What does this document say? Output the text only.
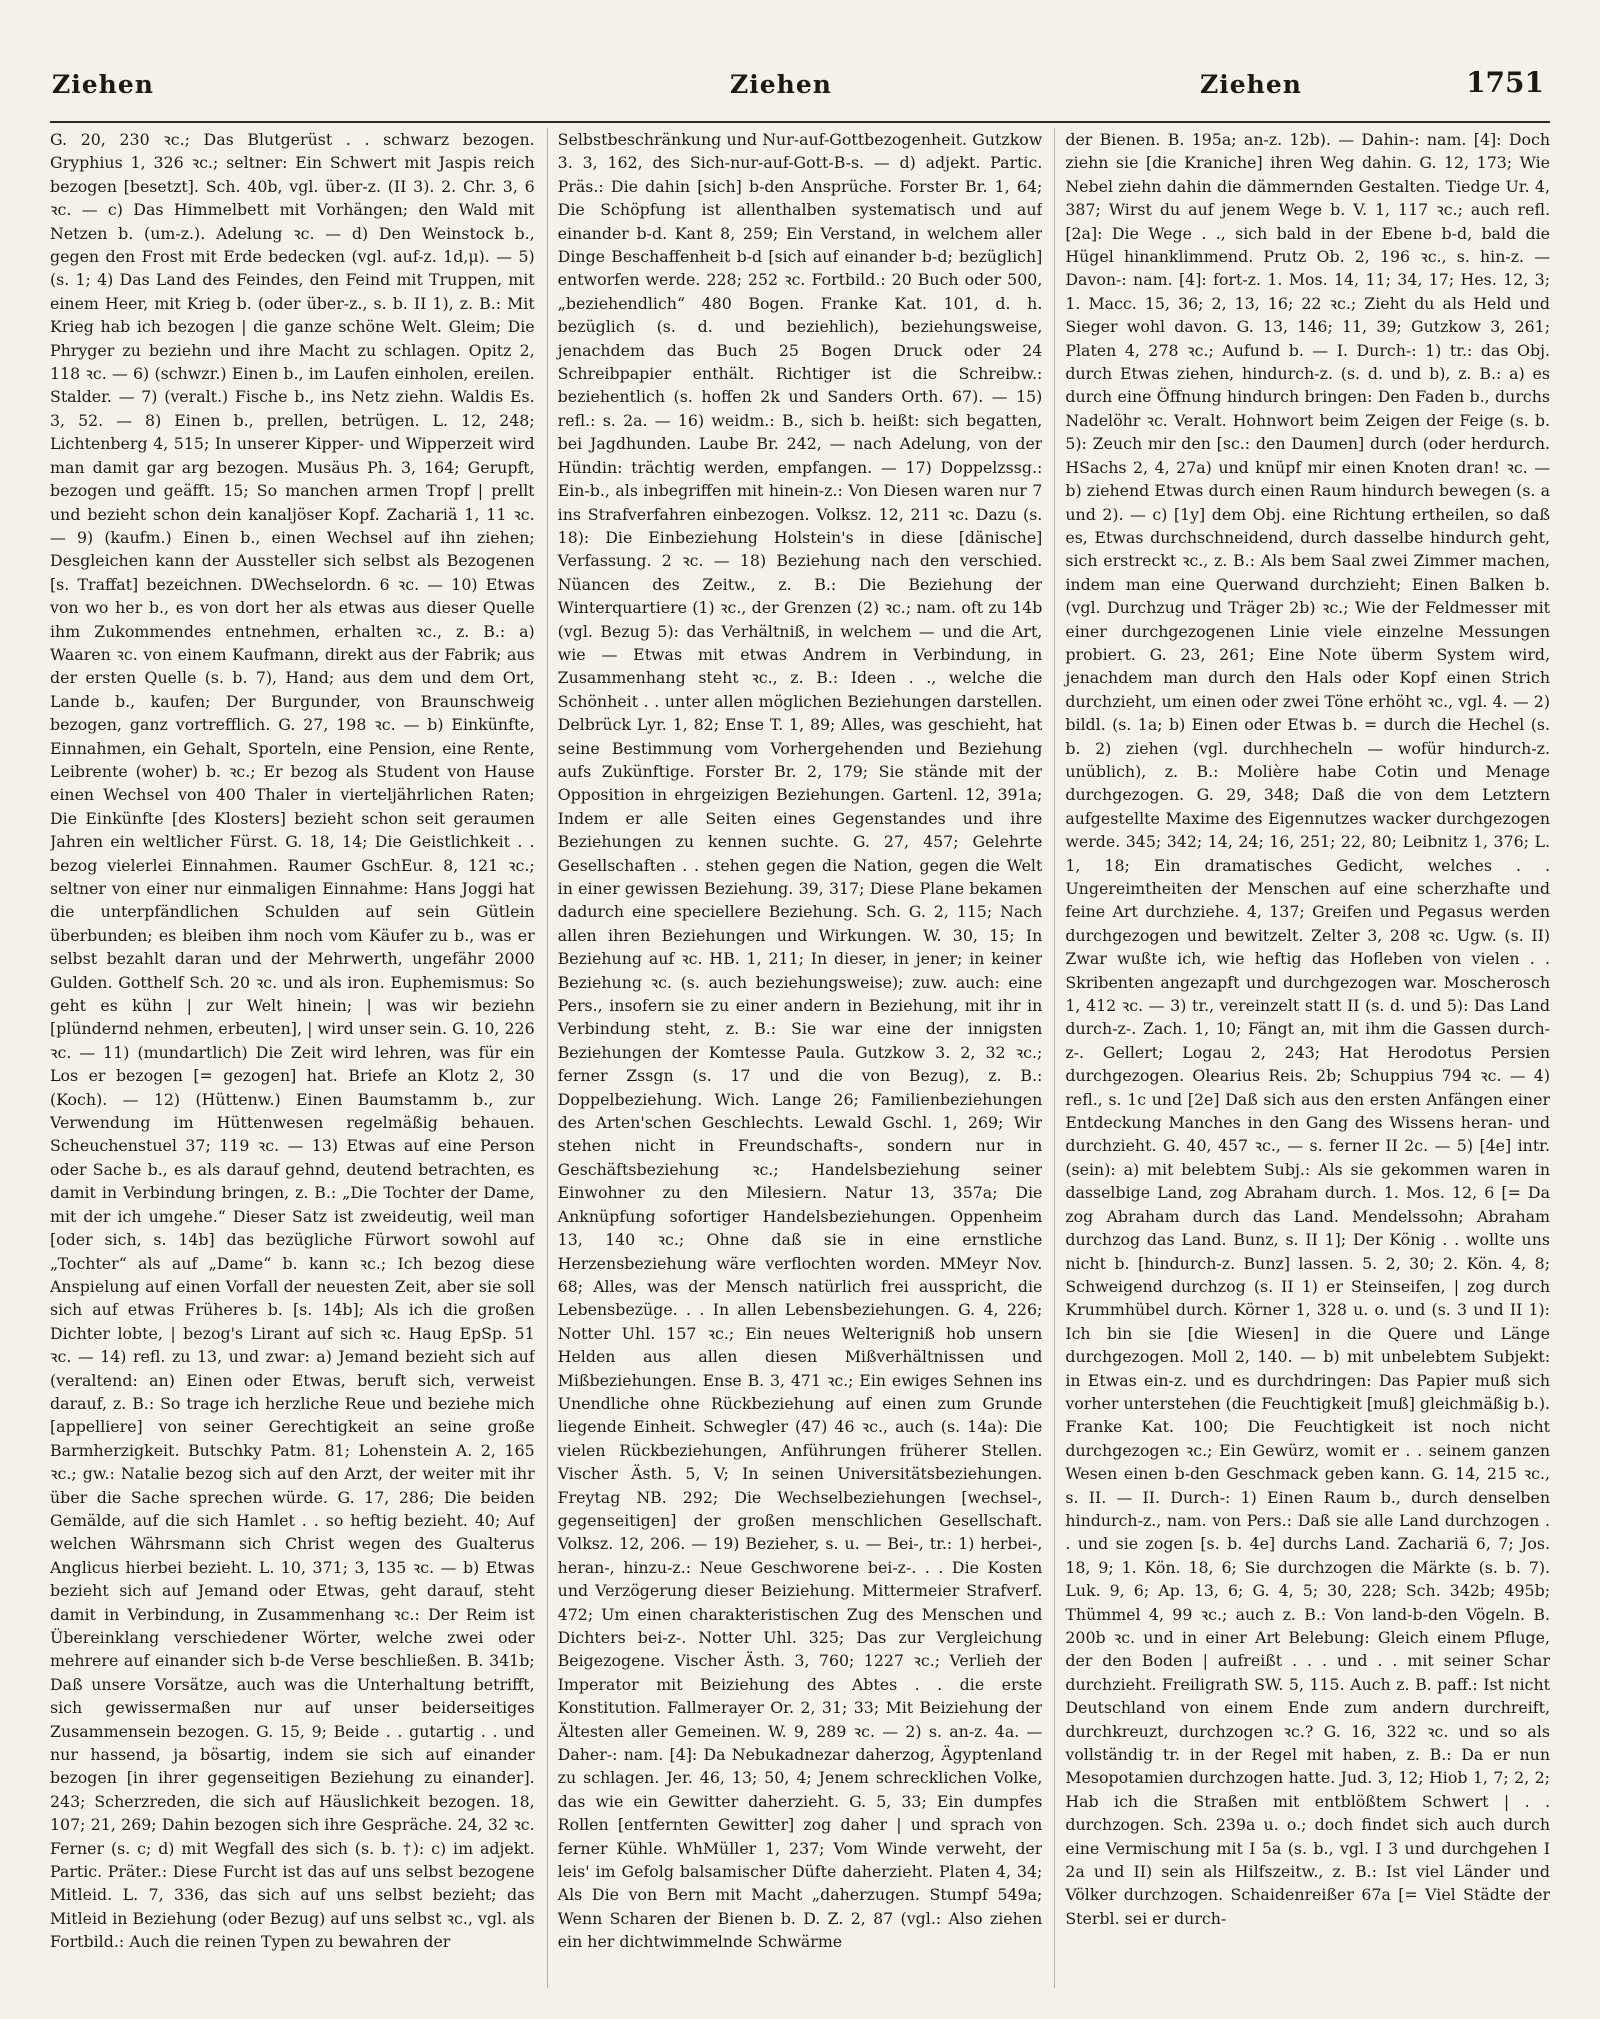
Ziehen	Ziehen	Ziehen	1751

G. 20, 230 ꝛc.; Das Blutgerüst . . schwarz bezogen. Gryphius 1, 326 ꝛc.; seltner: Ein Schwert mit Jaspis reich bezogen [besetzt]. Sch. 40b, vgl. über-z. (II 3). 2. Chr. 3, 6 ꝛc. — c) Das Himmelbett mit Vorhängen; den Wald mit Netzen b. (um-z.). Adelung ꝛc. — d) Den Weinstock b., gegen den Frost mit Erde bedecken (vgl. auf-z. 1d,μ). — 5) (s. 1; 4) Das Land des Feindes, den Feind mit Truppen, mit einem Heer, mit Krieg b. (oder über-z., s. b. II 1), z. B.: Mit Krieg hab ich bezogen | die ganze schöne Welt. Gleim; Die Phryger zu beziehn und ihre Macht zu schlagen. Opitz 2, 118 ꝛc. — 6) (schwzr.) Einen b., im Laufen einholen, ereilen. Stalder. — 7) (veralt.) Fische b., ins Netz ziehn. Waldis Es. 3, 52. — 8) Einen b., prellen, betrügen. L. 12, 248; Lichtenberg 4, 515; In unserer Kipper- und Wipperzeit wird man damit gar arg bezogen. Musäus Ph. 3, 164; Gerupft, bezogen und geäfft. 15; So manchen armen Tropf | prellt und bezieht schon dein kanaljöser Kopf. Zachariä 1, 11 ꝛc. — 9) (kaufm.) Einen b., einen Wechsel auf ihn ziehen; Desgleichen kann der Aussteller sich selbst als Bezogenen [s. Traffat] bezeichnen. DWechselordn. 6 ꝛc. — 10) Etwas von wo her b., es von dort her als etwas aus dieser Quelle ihm Zukommendes entnehmen, erhalten ꝛc., z. B.: a) Waaren ꝛc. von einem Kaufmann, direkt aus der Fabrik; aus der ersten Quelle (s. b. 7), Hand; aus dem und dem Ort, Lande b., kaufen; Der Burgunder, von Braunschweig bezogen, ganz vortrefflich. G. 27, 198 ꝛc. — b) Einkünfte, Einnahmen, ein Gehalt, Sporteln, eine Pension, eine Rente, Leibrente (woher) b. ꝛc.; Er bezog als Student von Hause einen Wechsel von 400 Thaler in vierteljährlichen Raten; Die Einkünfte [des Klosters] bezieht schon seit geraumen Jahren ein weltlicher Fürst. G. 18, 14; Die Geistlichkeit . . bezog vielerlei Einnahmen. Raumer GschEur. 8, 121 ꝛc.; seltner von einer nur einmaligen Einnahme: Hans Joggi hat die unterpfändlichen Schulden auf sein Gütlein überbunden; es bleiben ihm noch vom Käufer zu b., was er selbst bezahlt daran und der Mehrwerth, ungefähr 2000 Gulden. Gotthelf Sch. 20 ꝛc. und als iron. Euphemismus: So geht es kühn | zur Welt hinein; | was wir beziehn [plündernd nehmen, erbeuten], | wird unser sein. G. 10, 226 ꝛc. — 11) (mundartlich) Die Zeit wird lehren, was für ein Los er bezogen [= gezogen] hat. Briefe an Klotz 2, 30 (Koch). — 12) (Hüttenw.) Einen Baumstamm b., zur Verwendung im Hüttenwesen regelmäßig behauen. Scheuchenstuel 37; 119 ꝛc. — 13) Etwas auf eine Person oder Sache b., es als darauf gehnd, deutend betrachten, es damit in Verbindung bringen, z. B.: „Die Tochter der Dame, mit der ich umgehe.“ Dieser Satz ist zweideutig, weil man [oder sich, s. 14b] das bezügliche Fürwort sowohl auf „Tochter“ als auf „Dame“ b. kann ꝛc.; Ich bezog diese Anspielung auf einen Vorfall der neuesten Zeit, aber sie soll sich auf etwas Früheres b. [s. 14b]; Als ich die großen Dichter lobte, | bezog's Lirant auf sich ꝛc. Haug EpSp. 51 ꝛc. — 14) refl. zu 13, und zwar: a) Jemand bezieht sich auf (veraltend: an) Einen oder Etwas, beruft sich, verweist darauf, z. B.: So trage ich herzliche Reue und beziehe mich [appelliere] von seiner Gerechtigkeit an seine große Barmherzigkeit. Butschky Patm. 81; Lohenstein A. 2, 165 ꝛc.; gw.: Natalie bezog sich auf den Arzt, der weiter mit ihr über die Sache sprechen würde. G. 17, 286; Die beiden Gemälde, auf die sich Hamlet . . so heftig bezieht. 40; Auf welchen Währsmann sich Christ wegen des Gualterus Anglicus hierbei bezieht. L. 10, 371; 3, 135 ꝛc. — b) Etwas bezieht sich auf Jemand oder Etwas, geht darauf, steht damit in Verbindung, in Zusammenhang ꝛc.: Der Reim ist Übereinklang verschiedener Wörter, welche zwei oder mehrere auf einander sich b-de Verse beschließen. B. 341b; Daß unsere Vorsätze, auch was die Unterhaltung betrifft, sich gewissermaßen nur auf unser beiderseitiges Zusammensein bezogen. G. 15, 9; Beide . . gutartig . . und nur hassend, ja bösartig, indem sie sich auf einander bezogen [in ihrer gegenseitigen Beziehung zu einander]. 243; Scherzreden, die sich auf Häuslichkeit bezogen. 18, 107; 21, 269; Dahin bezogen sich ihre Gespräche. 24, 32 ꝛc. Ferner (s. c; d) mit Wegfall des sich (s. b. †): c) im adjekt. Partic. Präter.: Diese Furcht ist das auf uns selbst bezogene Mitleid. L. 7, 336, das sich auf uns selbst bezieht; das Mitleid in Beziehung (oder Bezug) auf uns selbst ꝛc., vgl. als Fortbild.: Auch die reinen Typen zu bewahren der

Selbstbeschränkung und Nur-auf-Gottbezogenheit. Gutzkow 3. 3, 162, des Sich-nur-auf-Gott-B-s. — d) adjekt. Partic. Präs.: Die dahin [sich] b-den Ansprüche. Forster Br. 1, 64; Die Schöpfung ist allenthalben systematisch und auf einander b-d. Kant 8, 259; Ein Verstand, in welchem aller Dinge Beschaffenheit b-d [sich auf einander b-d; bezüglich] entworfen werde. 228; 252 ꝛc. Fortbild.: 20 Buch oder 500, „beziehendlich“ 480 Bogen. Franke Kat. 101, d. h. bezüglich (s. d. und beziehlich), beziehungsweise, jenachdem das Buch 25 Bogen Druck oder 24 Schreibpapier enthält. Richtiger ist die Schreibw.: beziehentlich (s. hoffen 2k und Sanders Orth. 67). — 15) refl.: s. 2a. — 16) weidm.: B., sich b. heißt: sich begatten, bei Jagdhunden. Laube Br. 242, — nach Adelung, von der Hündin: trächtig werden, empfangen. — 17) Doppelzssg.: Ein-b., als inbegriffen mit hinein-z.: Von Diesen waren nur 7 ins Strafverfahren einbezogen. Volksz. 12, 211 ꝛc. Dazu (s. 18): Die Einbeziehung Holstein's in diese [dänische] Verfassung. 2 ꝛc. — 18) Beziehung nach den verschied. Nüancen des Zeitw., z. B.: Die Beziehung der Winterquartiere (1) ꝛc., der Grenzen (2) ꝛc.; nam. oft zu 14b (vgl. Bezug 5): das Verhältniß, in welchem — und die Art, wie — Etwas mit etwas Andrem in Verbindung, in Zusammenhang steht ꝛc., z. B.: Ideen . ., welche die Schönheit . . unter allen möglichen Beziehungen darstellen. Delbrück Lyr. 1, 82; Ense T. 1, 89; Alles, was geschieht, hat seine Bestimmung vom Vorhergehenden und Beziehung aufs Zukünftige. Forster Br. 2, 179; Sie stände mit der Opposition in ehrgeizigen Beziehungen. Gartenl. 12, 391a; Indem er alle Seiten eines Gegenstandes und ihre Beziehungen zu kennen suchte. G. 27, 457; Gelehrte Gesellschaften . . stehen gegen die Nation, gegen die Welt in einer gewissen Beziehung. 39, 317; Diese Plane bekamen dadurch eine speciellere Beziehung. Sch. G. 2, 115; Nach allen ihren Beziehungen und Wirkungen. W. 30, 15; In Beziehung auf ꝛc. HB. 1, 211; In dieser, in jener; in keiner Beziehung ꝛc. (s. auch beziehungsweise); zuw. auch: eine Pers., insofern sie zu einer andern in Beziehung, mit ihr in Verbindung steht, z. B.: Sie war eine der innigsten Beziehungen der Komtesse Paula. Gutzkow 3. 2, 32 ꝛc.; ferner Zssgn (s. 17 und die von Bezug), z. B.: Doppelbeziehung. Wich. Lange 26; Familienbeziehungen des Arten'schen Geschlechts. Lewald Gschl. 1, 269; Wir stehen nicht in Freundschafts-, sondern nur in Geschäftsbeziehung ꝛc.; Handelsbeziehung seiner Einwohner zu den Milesiern. Natur 13, 357a; Die Anknüpfung sofortiger Handelsbeziehungen. Oppenheim 13, 140 ꝛc.; Ohne daß sie in eine ernstliche Herzensbeziehung wäre verflochten worden. MMeyr Nov. 68; Alles, was der Mensch natürlich frei ausspricht, die Lebensbezüge. . . In allen Lebensbeziehungen. G. 4, 226; Notter Uhl. 157 ꝛc.; Ein neues Welterigniß hob unsern Helden aus allen diesen Mißverhältnissen und Mißbeziehungen. Ense B. 3, 471 ꝛc.; Ein ewiges Sehnen ins Unendliche ohne Rückbeziehung auf einen zum Grunde liegende Einheit. Schwegler (47) 46 ꝛc., auch (s. 14a): Die vielen Rückbeziehungen, Anführungen früherer Stellen. Vischer Ästh. 5, V; In seinen Universitätsbeziehungen. Freytag NB. 292; Die Wechselbeziehungen [wechsel-, gegenseitigen] der großen menschlichen Gesellschaft. Volksz. 12, 206. — 19) Bezieher, s. u. — Bei-, tr.: 1) herbei-, heran-, hinzu-z.: Neue Geschworene bei-z-. . . Die Kosten und Verzögerung dieser Beiziehung. Mittermeier Strafverf. 472; Um einen charakteristischen Zug des Menschen und Dichters bei-z-. Notter Uhl. 325; Das zur Vergleichung Beigezogene. Vischer Ästh. 3, 760; 1227 ꝛc.; Verlieh der Imperator mit Beiziehung des Abtes . . die erste Konstitution. Fallmerayer Or. 2, 31; 33; Mit Beiziehung der Ältesten aller Gemeinen. W. 9, 289 ꝛc. — 2) s. an-z. 4a. — Daher-: nam. [4]: Da Nebukadnezar daherzog, Ägyptenland zu schlagen. Jer. 46, 13; 50, 4; Jenem schrecklichen Volke, das wie ein Gewitter daherzieht. G. 5, 33; Ein dumpfes Rollen [entfernten Gewitter] zog daher | und sprach von ferner Kühle. WhMüller 1, 237; Vom Winde verweht, der leis' im Gefolg balsamischer Düfte daherzieht. Platen 4, 34; Als Die von Bern mit Macht „daherzugen. Stumpf 549a; Wenn Scharen der Bienen b. D. Z. 2, 87 (vgl.: Also ziehen ein her dichtwimmelnde Schwärme

der Bienen. B. 195a; an-z. 12b). — Dahin-: nam. [4]: Doch ziehn sie [die Kraniche] ihren Weg dahin. G. 12, 173; Wie Nebel ziehn dahin die dämmernden Gestalten. Tiedge Ur. 4, 387; Wirst du auf jenem Wege b. V. 1, 117 ꝛc.; auch refl. [2a]: Die Wege . ., sich bald in der Ebene b-d, bald die Hügel hinanklimmend. Prutz Ob. 2, 196 ꝛc., s. hin-z. — Davon-: nam. [4]: fort-z. 1. Mos. 14, 11; 34, 17; Hes. 12, 3; 1. Macc. 15, 36; 2, 13, 16; 22 ꝛc.; Zieht du als Held und Sieger wohl davon. G. 13, 146; 11, 39; Gutzkow 3, 261; Platen 4, 278 ꝛc.; Aufund b. — I. Durch-: 1) tr.: das Obj. durch Etwas ziehen, hindurch-z. (s. d. und b), z. B.: a) es durch eine Öffnung hindurch bringen: Den Faden b., durchs Nadelöhr ꝛc. Veralt. Hohnwort beim Zeigen der Feige (s. b. 5): Zeuch mir den [sc.: den Daumen] durch (oder herdurch. HSachs 2, 4, 27a) und knüpf mir einen Knoten dran! ꝛc. — b) ziehend Etwas durch einen Raum hindurch bewegen (s. a und 2). — c) [1y] dem Obj. eine Richtung ertheilen, so daß es, Etwas durchschneidend, durch dasselbe hindurch geht, sich erstreckt ꝛc., z. B.: Als bem Saal zwei Zimmer machen, indem man eine Querwand durchzieht; Einen Balken b. (vgl. Durchzug und Träger 2b) ꝛc.; Wie der Feldmesser mit einer durchgezogenen Linie viele einzelne Messungen probiert. G. 23, 261; Eine Note überm System wird, jenachdem man durch den Hals oder Kopf einen Strich durchzieht, um einen oder zwei Töne erhöht ꝛc., vgl. 4. — 2) bildl. (s. 1a; b) Einen oder Etwas b. = durch die Hechel (s. b. 2) ziehen (vgl. durchhecheln — wofür hindurch-z. unüblich), z. B.: Molière habe Cotin und Menage durchgezogen. G. 29, 348; Daß die von dem Letztern aufgestellte Maxime des Eigennutzes wacker durchgezogen werde. 345; 342; 14, 24; 16, 251; 22, 80; Leibnitz 1, 376; L. 1, 18; Ein dramatisches Gedicht, welches . . Ungereimtheiten der Menschen auf eine scherzhafte und feine Art durchziehe. 4, 137; Greifen und Pegasus werden durchgezogen und bewitzelt. Zelter 3, 208 ꝛc. Ugw. (s. II) Zwar wußte ich, wie heftig das Hofleben von vielen . . Skribenten angezapft und durchgezogen war. Moscherosch 1, 412 ꝛc. — 3) tr., vereinzelt statt II (s. d. und 5): Das Land durch-z-. Zach. 1, 10; Fängt an, mit ihm die Gassen durch-z-. Gellert; Logau 2, 243; Hat Herodotus Persien durchgezogen. Olearius Reis. 2b; Schuppius 794 ꝛc. — 4) refl., s. 1c und [2e] Daß sich aus den ersten Anfängen einer Entdeckung Manches in den Gang des Wissens heran- und durchzieht. G. 40, 457 ꝛc., — s. ferner II 2c. — 5) [4e] intr. (sein): a) mit belebtem Subj.: Als sie gekommen waren in dasselbige Land, zog Abraham durch. 1. Mos. 12, 6 [= Da zog Abraham durch das Land. Mendelssohn; Abraham durchzog das Land. Bunz, s. II 1]; Der König . . wollte uns nicht b. [hindurch-z. Bunz] lassen. 5. 2, 30; 2. Kön. 4, 8; Schweigend durchzog (s. II 1) er Steinseifen, | zog durch Krummhübel durch. Körner 1, 328 u. o. und (s. 3 und II 1): Ich bin sie [die Wiesen] in die Quere und Länge durchgezogen. Moll 2, 140. — b) mit unbelebtem Subjekt: in Etwas ein-z. und es durchdringen: Das Papier muß sich vorher unterstehen (die Feuchtigkeit [muß] gleichmäßig b.). Franke Kat. 100; Die Feuchtigkeit ist noch nicht durchgezogen ꝛc.; Ein Gewürz, womit er . . seinem ganzen Wesen einen b-den Geschmack geben kann. G. 14, 215 ꝛc., s. II. — II. Durch-: 1) Einen Raum b., durch denselben hindurch-z., nam. von Pers.: Daß sie alle Land durchzogen . . und sie zogen [s. b. 4e] durchs Land. Zachariä 6, 7; Jos. 18, 9; 1. Kön. 18, 6; Sie durchzogen die Märkte (s. b. 7). Luk. 9, 6; Ap. 13, 6; G. 4, 5; 30, 228; Sch. 342b; 495b; Thümmel 4, 99 ꝛc.; auch z. B.: Von land-b-den Vögeln. B. 200b ꝛc. und in einer Art Belebung: Gleich einem Pfluge, der den Boden | aufreißt . . . und . . mit seiner Schar durchzieht. Freiligrath SW. 5, 115. Auch z. B. paff.: Ist nicht Deutschland von einem Ende zum andern durchreift, durchkreuzt, durchzogen ꝛc.? G. 16, 322 ꝛc. und so als vollständig tr. in der Regel mit haben, z. B.: Da er nun Mesopotamien durchzogen hatte. Jud. 3, 12; Hiob 1, 7; 2, 2; Hab ich die Straßen mit entblößtem Schwert | . . durchzogen. Sch. 239a u. o.; doch findet sich auch durch eine Vermischung mit I 5a (s. b., vgl. I 3 und durchgehen I 2a und II) sein als Hilfszeitw., z. B.: Ist viel Länder und Völker durchzogen. Schaidenreißer 67a [= Viel Städte der Sterbl. sei er durch-
